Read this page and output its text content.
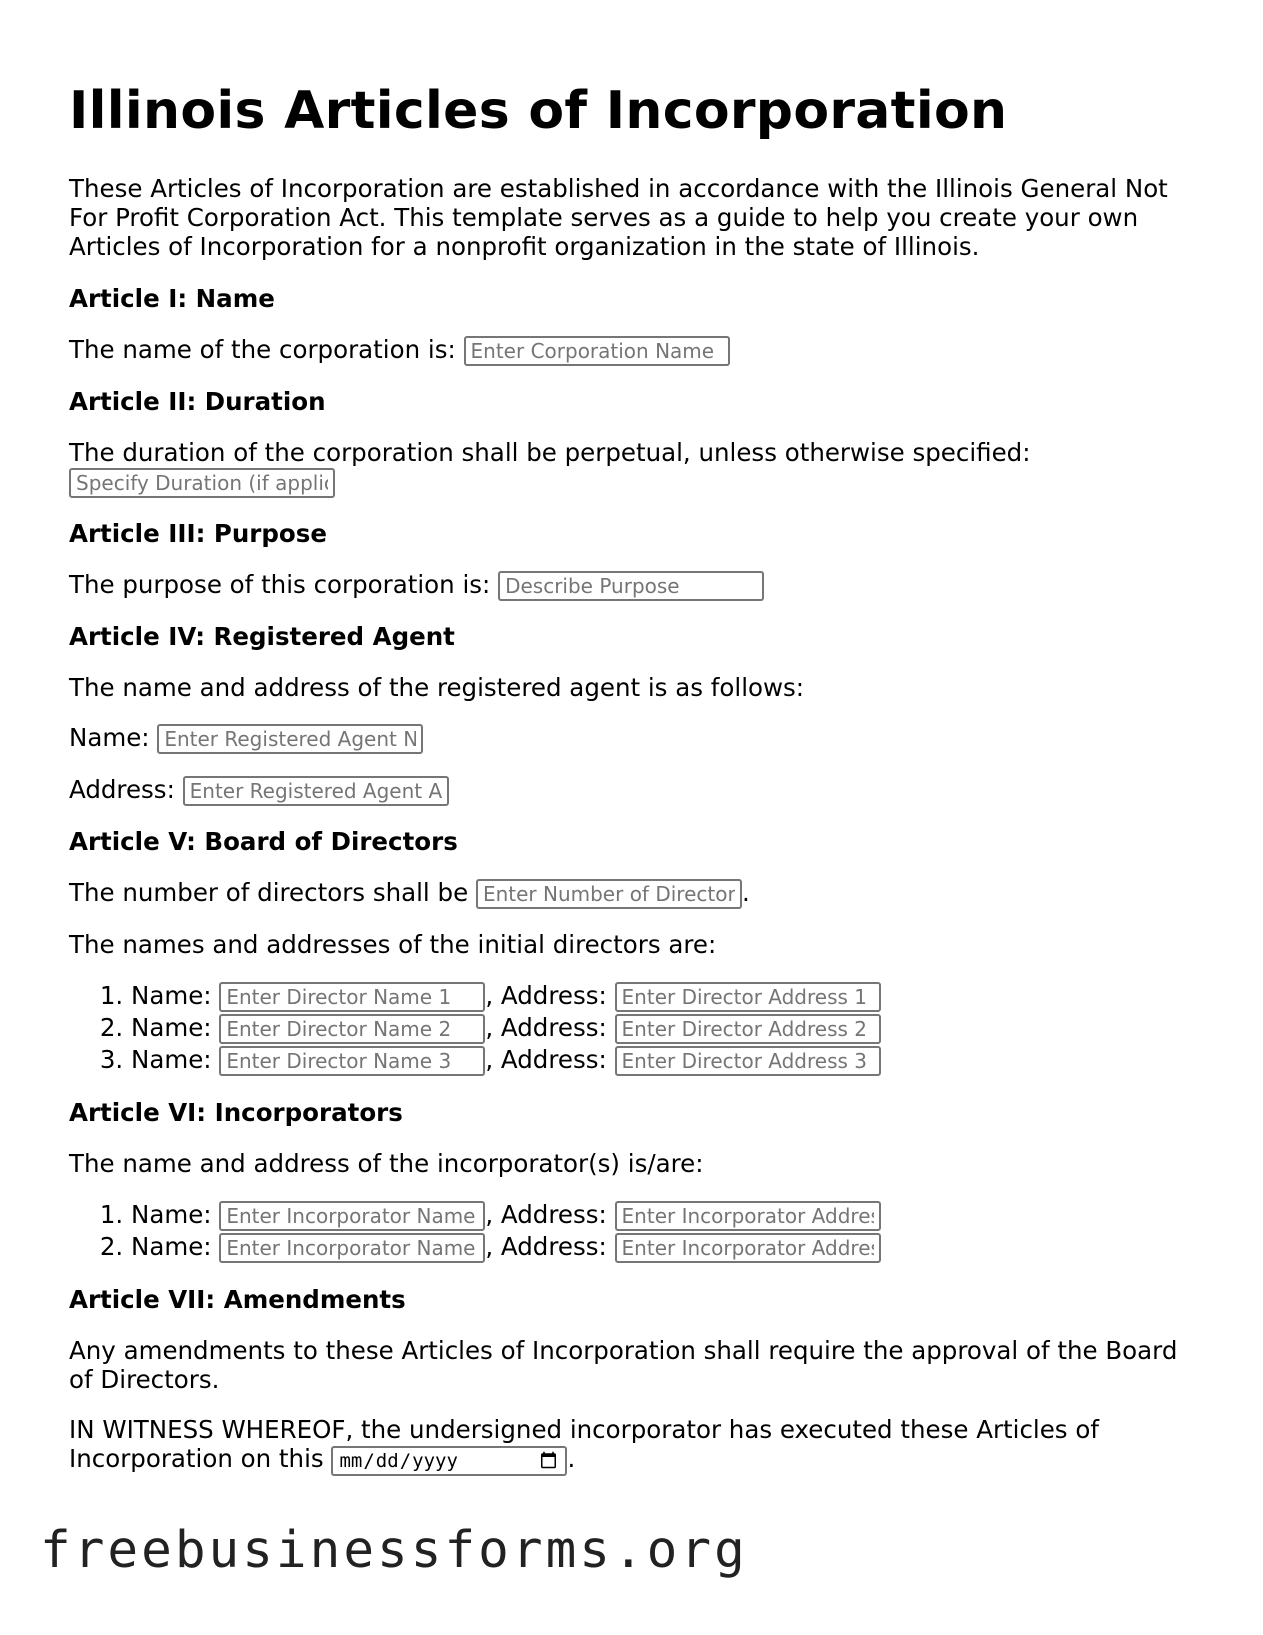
Illinois Articles of Incorporation

These Articles of Incorporation are established in accordance with the Illinois General Not For Profit Corporation Act. This template serves as a guide to help you create your own Articles of Incorporation for a nonprofit organization in the state of Illinois.

Article I: Name

The name of the corporation is: Enter Corporation Name

Article II: Duration

The duration of the corporation shall be perpetual, unless otherwise specified: Specify Duration (if applicable)

Article III: Purpose

The purpose of this corporation is: Describe Purpose

Article IV: Registered Agent

The name and address of the registered agent is as follows:

Name: Enter Registered Agent Name

Address: Enter Registered Agent Address

Article V: Board of Directors

The number of directors shall be Enter Number of Directors	.

The names and addresses of the initial directors are:

1. Name: Enter Director Name 1	, Address: Enter Director Address 1
2. Name: Enter Director Name 2	, Address: Enter Director Address 2
3. Name: Enter Director Name 3	, Address: Enter Director Address 3
Article VI: Incorporators

The name and address of the incorporator(s) is/are:

1. Name: Enter Incorporator Name 1	, Address: Enter Incorporator Address 1
2. Name: Enter Incorporator Name 2	, Address: Enter Incorporator Address 2
Article VII: Amendments

Any amendments to these Articles of Incorporation shall require the approval of the Board of Directors.

IN WITNESS WHEREOF, the undersigned incorporator has executed these Articles of Incorporation on this	.

freebusinessforms.org
